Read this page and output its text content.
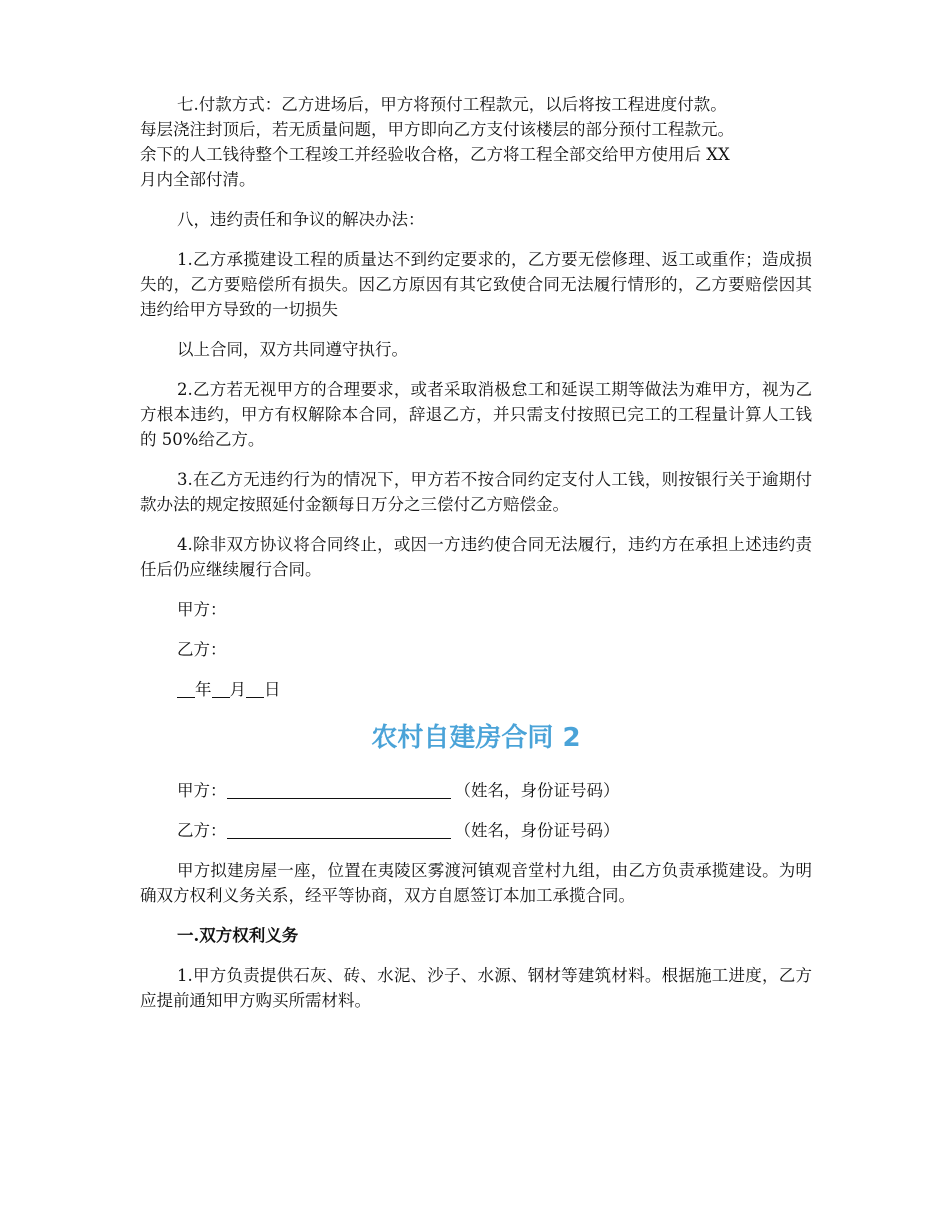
七.付款方式：乙方进场后，甲方将预付工程款元，以后将按工程进度付款。
每层浇注封顶后，若无质量问题，甲方即向乙方支付该楼层的部分预付工程款元。
余下的人工钱待整个工程竣工并经验收合格，乙方将工程全部交给甲方使用后 XX
月内全部付清。

八，违约责任和争议的解决办法：

1.乙方承揽建设工程的质量达不到约定要求的，乙方要无偿修理、返工或重作；造成损失的，乙方要赔偿所有损失。因乙方原因有其它致使合同无法履行情形的，乙方要赔偿因其违约给甲方导致的一切损失

以上合同，双方共同遵守执行。

2.乙方若无视甲方的合理要求，或者采取消极怠工和延误工期等做法为难甲方，视为乙方根本违约，甲方有权解除本合同，辞退乙方，并只需支付按照已完工的工程量计算人工钱的 50%给乙方。

3.在乙方无违约行为的情况下，甲方若不按合同约定支付人工钱，则按银行关于逾期付款办法的规定按照延付金额每日万分之三偿付乙方赔偿金。

4.除非双方协议将合同终止，或因一方违约使合同无法履行，违约方在承担上述违约责任后仍应继续履行合同。

甲方：

乙方：

年 月 日

农村自建房合同 2

甲方：	（姓名，身份证号码）

乙方：	（姓名，身份证号码）

甲方拟建房屋一座，位置在夷陵区雾渡河镇观音堂村九组，由乙方负责承揽建设。为明确双方权利义务关系，经平等协商，双方自愿签订本加工承揽合同。

一.双方权利义务

1.甲方负责提供石灰、砖、水泥、沙子、水源、钢材等建筑材料。根据施工进度，乙方应提前通知甲方购买所需材料。
